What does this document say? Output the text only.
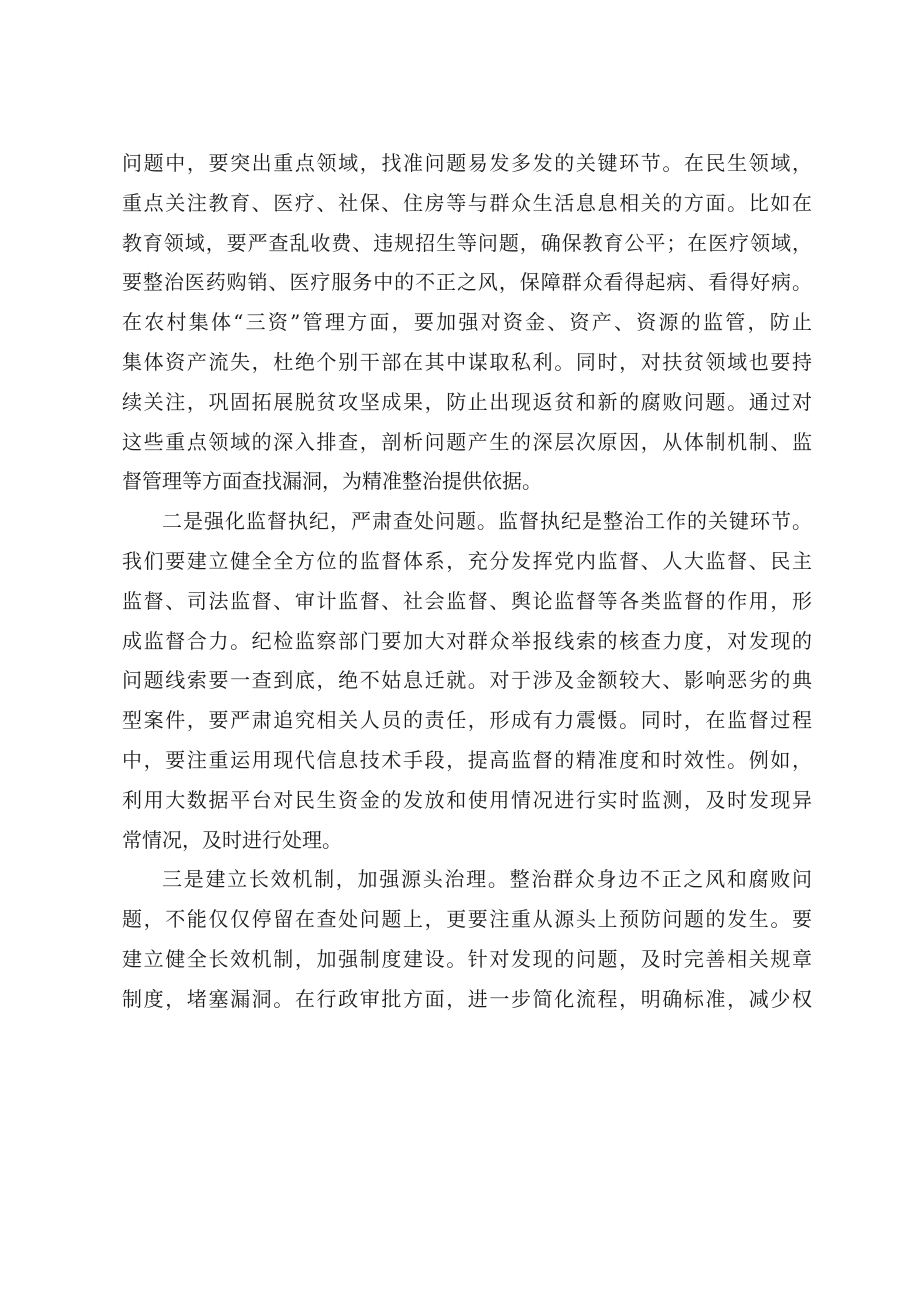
问题中，要突出重点领域，找准问题易发多发的关键环节。在民生领域，
重点关注教育、医疗、社保、住房等与群众生活息息相关的方面。比如在
教育领域，要严查乱收费、违规招生等问题，确保教育公平；在医疗领域，
要整治医药购销、医疗服务中的不正之风，保障群众看得起病、看得好病。
在农村集体“三资”管理方面，要加强对资金、资产、资源的监管，防止
集体资产流失，杜绝个别干部在其中谋取私利。同时，对扶贫领域也要持
续关注，巩固拓展脱贫攻坚成果，防止出现返贫和新的腐败问题。通过对
这些重点领域的深入排查，剖析问题产生的深层次原因，从体制机制、监
督管理等方面查找漏洞，为精准整治提供依据。

二是强化监督执纪，严肃查处问题。监督执纪是整治工作的关键环节。
我们要建立健全全方位的监督体系，充分发挥党内监督、人大监督、民主
监督、司法监督、审计监督、社会监督、舆论监督等各类监督的作用，形
成监督合力。纪检监察部门要加大对群众举报线索的核查力度，对发现的
问题线索要一查到底，绝不姑息迁就。对于涉及金额较大、影响恶劣的典
型案件，要严肃追究相关人员的责任，形成有力震慑。同时，在监督过程
中，要注重运用现代信息技术手段，提高监督的精准度和时效性。例如，
利用大数据平台对民生资金的发放和使用情况进行实时监测，及时发现异
常情况，及时进行处理。

三是建立长效机制，加强源头治理。整治群众身边不正之风和腐败问
题，不能仅仅停留在查处问题上，更要注重从源头上预防问题的发生。要
建立健全长效机制，加强制度建设。针对发现的问题，及时完善相关规章
制度，堵塞漏洞。在行政审批方面，进一步简化流程，明确标准，减少权
